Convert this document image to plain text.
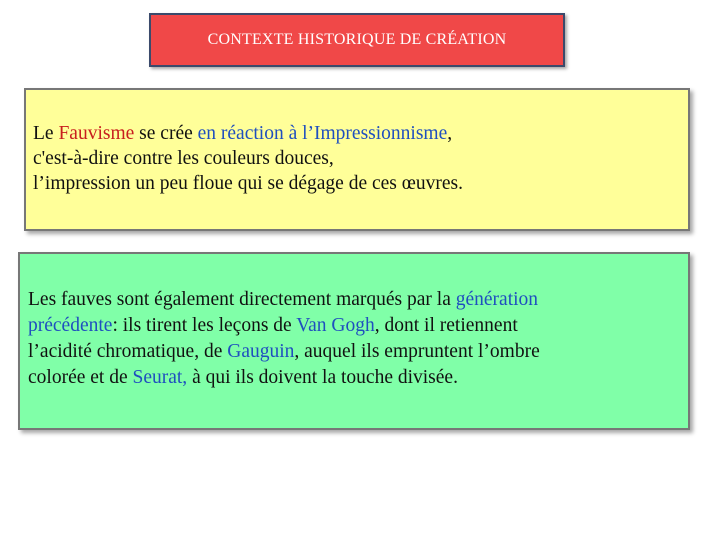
CONTEXTE HISTORIQUE DE CRÉATION
Le Fauvisme se crée en réaction à l’Impressionnisme,
c'est-à-dire contre les couleurs douces,
l’impression un peu floue qui se dégage de ces œuvres.
Les fauves sont également directement marqués par la génération
précédente: ils tirent les leçons de Van Gogh, dont il retiennent
l’acidité chromatique, de Gauguin, auquel ils empruntent l’ombre
colorée et de Seurat, à qui ils doivent la touche divisée.
